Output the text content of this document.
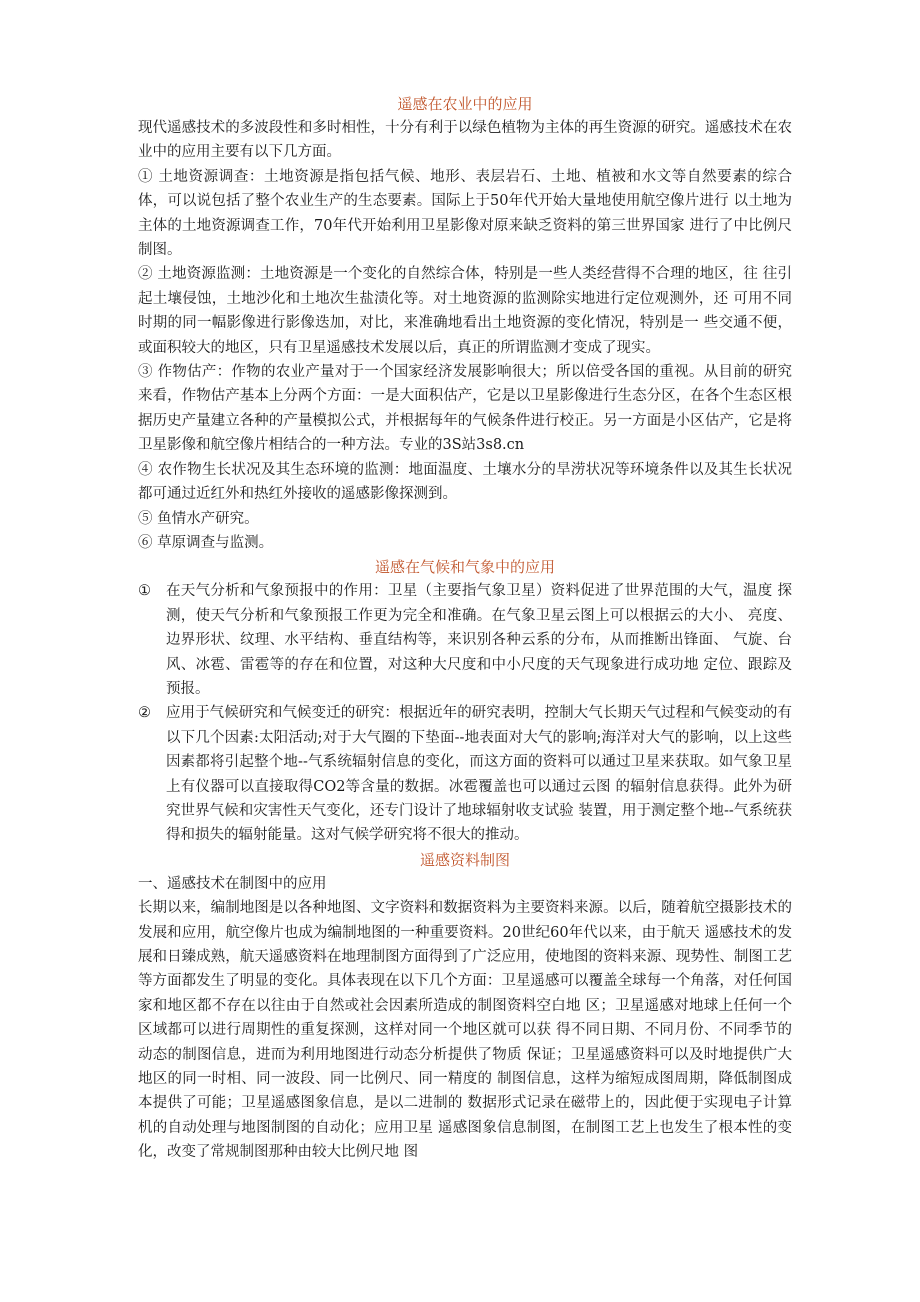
遥感在农业中的应用

现代遥感技术的多波段性和多时相性，十分有利于以绿色植物为主体的再生资源的研究。遥感技术在农业中的应用主要有以下几方面。

① 土地资源调查：土地资源是指包括气候、地形、表层岩石、土地、植被和水文等自然要素的综合体，可以说包括了整个农业生产的生态要素。国际上于50年代开始大量地使用航空像片进行 以土地为主体的土地资源调查工作，70年代开始利用卫星影像对原来缺乏资料的第三世界国家 进行了中比例尺制图。

② 土地资源监测：土地资源是一个变化的自然综合体，特别是一些人类经营得不合理的地区，往 往引起土壤侵蚀，土地沙化和土地次生盐渍化等。对土地资源的监测除实地进行定位观测外，还 可用不同时期的同一幅影像进行影像迭加，对比，来准确地看出土地资源的变化情况，特别是一 些交通不便，或面积较大的地区，只有卫星遥感技术发展以后，真正的所谓监测才变成了现实。

③ 作物估产：作物的农业产量对于一个国家经济发展影响很大；所以倍受各国的重视。从目前的研究来看，作物估产基本上分两个方面：一是大面积估产，它是以卫星影像进行生态分区，在各个生态区根据历史产量建立各种的产量模拟公式，并根据每年的气候条件进行校正。另一方面是小区估产，它是将卫星影像和航空像片相结合的一种方法。专业的3S站3s8.cn

④ 农作物生长状况及其生态环境的监测：地面温度、土壤水分的旱涝状况等环境条件以及其生长状况都可通过近红外和热红外接收的遥感影像探测到。

⑤ 鱼情水产研究。

⑥ 草原调查与监测。

遥感在气候和气象中的应用
①	在天气分析和气象预报中的作用：卫星（主要指气象卫星）资料促进了世界范围的大气，温度 探测，使天气分析和气象预报工作更为完全和准确。在气象卫星云图上可以根据云的大小、 亮度、边界形状、纹理、水平结构、垂直结构等，来识别各种云系的分布，从而推断出锋面、 气旋、台风、冰雹、雷雹等的存在和位置，对这种大尺度和中小尺度的天气现象进行成功地 定位、跟踪及预报。

②	应用于气候研究和气候变迁的研究：根据近年的研究表明，控制大气长期天气过程和气候变动的有以下几个因素:太阳活动;对于大气圈的下垫面--地表面对大气的影响;海洋对大气的影响，以上这些因素都将引起整个地--气系统辐射信息的变化，而这方面的资料可以通过卫星来获取。如气象卫星上有仪器可以直接取得CO2等含量的数据。冰雹覆盖也可以通过云图 的辐射信息获得。此外为研究世界气候和灾害性天气变化，还专门设计了地球辐射收支试验 装置，用于测定整个地--气系统获得和损失的辐射能量。这对气候学研究将不很大的推动。

遥感资料制图

一、遥感技术在制图中的应用

长期以来，编制地图是以各种地图、文字资料和数据资料为主要资料来源。以后，随着航空摄影技术的发展和应用，航空像片也成为编制地图的一种重要资料。20世纪60年代以来，由于航天 遥感技术的发展和日臻成熟，航天遥感资料在地理制图方面得到了广泛应用，使地图的资料来源、现势性、制图工艺等方面都发生了明显的变化。具体表现在以下几个方面：卫星遥感可以覆盖全球每一个角落，对任何国家和地区都不存在以往由于自然或社会因素所造成的制图资料空白地 区；卫星遥感对地球上任何一个区域都可以进行周期性的重复探测，这样对同一个地区就可以获 得不同日期、不同月份、不同季节的动态的制图信息，进而为利用地图进行动态分析提供了物质 保证；卫星遥感资料可以及时地提供广大地区的同一时相、同一波段、同一比例尺、同一精度的 制图信息，这样为缩短成图周期，降低制图成本提供了可能；卫星遥感图象信息，是以二进制的 数据形式记录在磁带上的，因此便于实现电子计算机的自动处理与地图制图的自动化；应用卫星 遥感图象信息制图，在制图工艺上也发生了根本性的变化，改变了常规制图那种由较大比例尺地 图
